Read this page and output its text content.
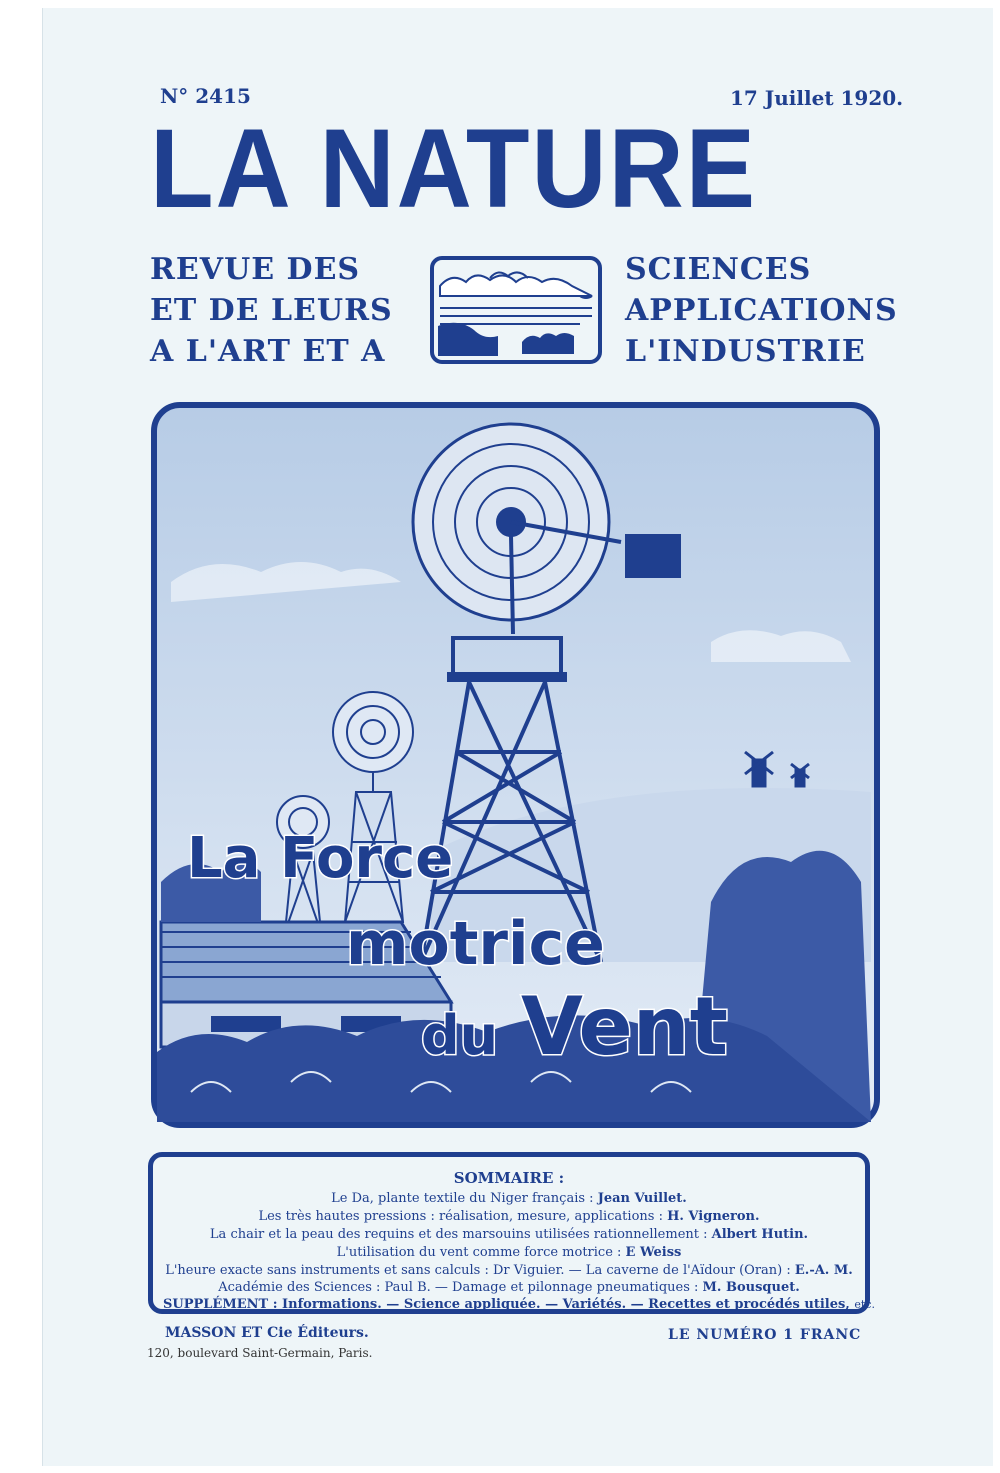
N° 2415	17 Juillet 1920.
LA NATURE
REVUE DES
ET DE LEURS
A L'ART ET A
SCIENCES
APPLICATIONS
L'INDUSTRIE
La Force
motrice
du Vent
SOMMAIRE :
Le Da, plante textile du Niger français : Jean Vuillet.
Les très hautes pressions : réalisation, mesure, applications : H. Vigneron.
La chair et la peau des requins et des marsouins utilisées rationnellement : Albert Hutin.
L'utilisation du vent comme force motrice : E Weiss
L'heure exacte sans instruments et sans calculs : Dr Viguier. — La caverne de l'Aïdour (Oran) : E.-A. M.
Académie des Sciences : Paul B. — Damage et pilonnage pneumatiques : M. Bousquet.
SUPPLÉMENT : Informations. — Science appliquée. — Variétés. — Recettes et procédés utiles, etc.
MASSON ET Cie Éditeurs.
120, boulevard Saint-Germain, Paris.
LE NUMÉRO 1 FRANC
